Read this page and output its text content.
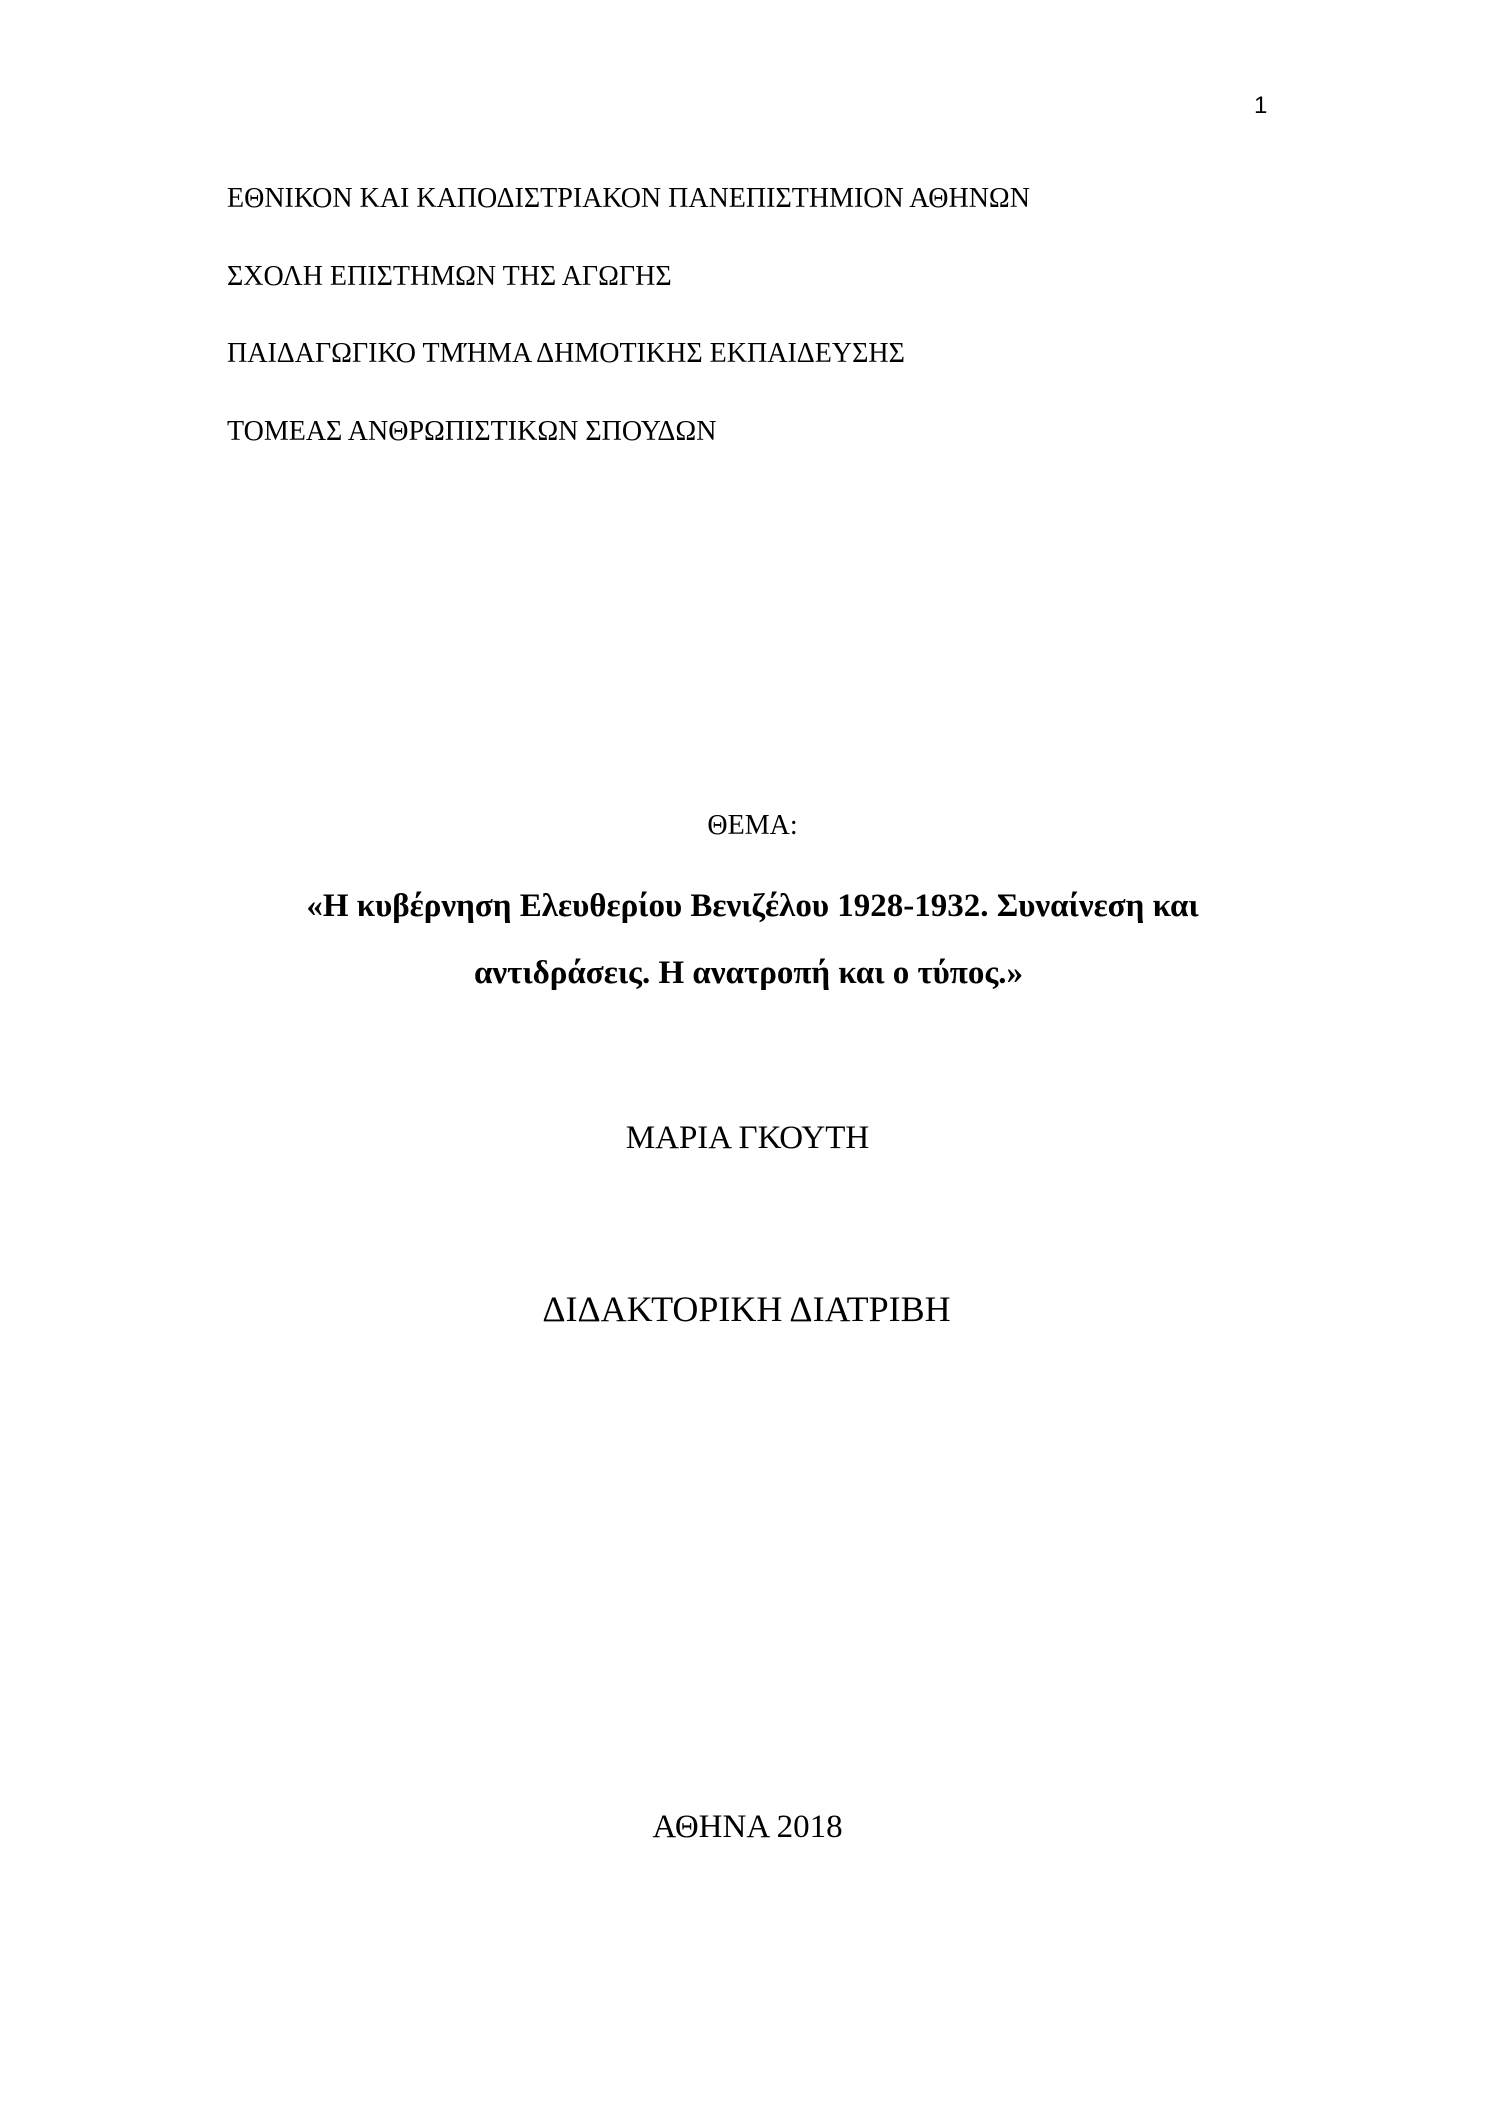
1
ΕΘΝΙΚΟΝ ΚΑΙ ΚΑΠΟΔΙΣΤΡΙΑΚΟΝ ΠΑΝΕΠΙΣΤΗΜΙΟΝ ΑΘΗΝΩΝ
ΣΧΟΛΗ ΕΠΙΣΤΗΜΩΝ ΤΗΣ ΑΓΩΓΗΣ
ΠΑΙΔΑΓΩΓΙΚΟ ΤΜΉΜΑ ΔΗΜΟΤΙΚΗΣ ΕΚΠΑΙΔΕΥΣΗΣ
ΤΟΜΕΑΣ ΑΝΘΡΩΠΙΣΤΙΚΩΝ ΣΠΟΥΔΩΝ
ΘΕΜΑ:
«Η κυβέρνηση Ελευθερίου Βενιζέλου 1928-1932. Συναίνεση και
αντιδράσεις. Η ανατροπή και ο τύπος.»
ΜΑΡΙΑ ΓΚΟΥΤΗ
ΔΙΔΑΚΤΟΡΙΚΗ ΔΙΑΤΡΙΒΗ
ΑΘΗΝΑ 2018
